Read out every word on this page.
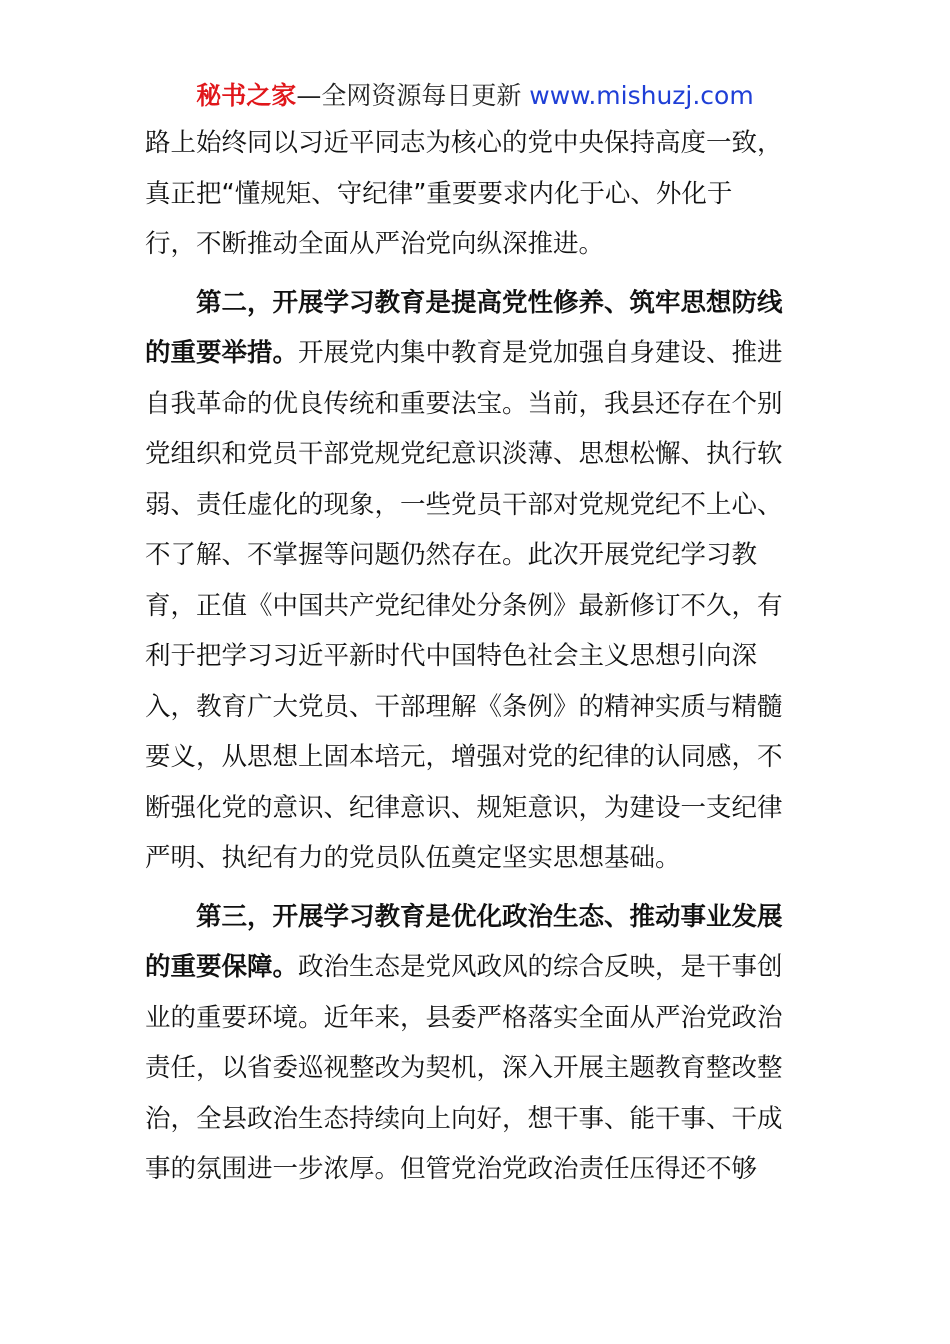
秘书之家—全网资源每日更新 www.mishuzj.com
路上始终同以习近平同志为核心的党中央保持高度一致，
真正把“懂规矩、守纪律”重要要求内化于心、外化于
行，不断推动全面从严治党向纵深推进。
第二，开展学习教育是提高党性修养、筑牢思想防线
的重要举措。开展党内集中教育是党加强自身建设、推进
自我革命的优良传统和重要法宝。当前，我县还存在个别
党组织和党员干部党规党纪意识淡薄、思想松懈、执行软
弱、责任虚化的现象，一些党员干部对党规党纪不上心、
不了解、不掌握等问题仍然存在。此次开展党纪学习教
育，正值《中国共产党纪律处分条例》最新修订不久，有
利于把学习习近平新时代中国特色社会主义思想引向深
入，教育广大党员、干部理解《条例》的精神实质与精髓
要义，从思想上固本培元，增强对党的纪律的认同感，不
断强化党的意识、纪律意识、规矩意识，为建设一支纪律
严明、执纪有力的党员队伍奠定坚实思想基础。
第三，开展学习教育是优化政治生态、推动事业发展
的重要保障。政治生态是党风政风的综合反映，是干事创
业的重要环境。近年来，县委严格落实全面从严治党政治
责任，以省委巡视整改为契机，深入开展主题教育整改整
治，全县政治生态持续向上向好，想干事、能干事、干成
事的氛围进一步浓厚。但管党治党政治责任压得还不够
